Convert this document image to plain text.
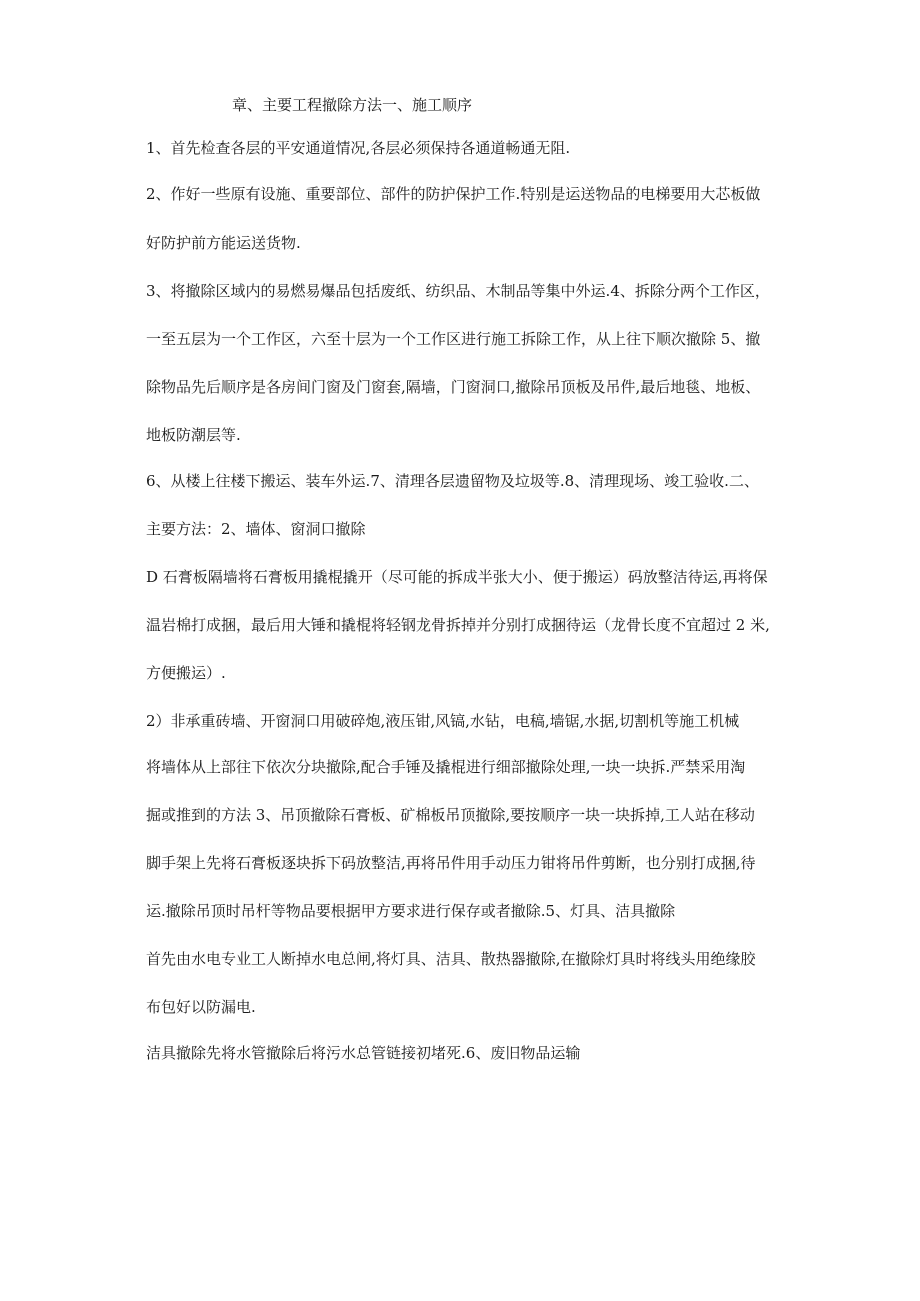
章、主要工程撤除方法一、施工顺序
1、首先检查各层的平安通道情况,各层必须保持各通道畅通无阻.
2、作好一些原有设施、重要部位、部件的防护保护工作.特别是运送物品的电梯要用大芯板做
好防护前方能运送货物.
3、将撤除区域内的易燃易爆品包括废纸、纺织品、木制品等集中外运.4、拆除分两个工作区，
一至五层为一个工作区，六至十层为一个工作区进行施工拆除工作，从上往下顺次撤除 5、撤
除物品先后顺序是各房间门窗及门窗套,隔墙，门窗洞口,撤除吊顶板及吊件,最后地毯、地板、
地板防潮层等.
6、从楼上往楼下搬运、装车外运.7、清理各层遗留物及垃圾等.8、清理现场、竣工验收.二、
主要方法：2、墙体、窗洞口撤除
D 石膏板隔墙将石膏板用撬棍撬开（尽可能的拆成半张大小、便于搬运）码放整洁待运,再将保
温岩棉打成捆，最后用大锤和撬棍将轻钢龙骨拆掉并分别打成捆待运（龙骨长度不宜超过 2 米,
方便搬运）.
2）非承重砖墙、开窗洞口用破碎炮,液压钳,风镐,水钻，电稿,墙锯,水据,切割机等施工机械
将墙体从上部往下依次分块撤除,配合手锤及撬棍进行细部撤除处理,一块一块拆.严禁采用淘
掘或推到的方法 3、吊顶撤除石膏板、矿棉板吊顶撤除,要按顺序一块一块拆掉,工人站在移动
脚手架上先将石膏板逐块拆下码放整洁,再将吊件用手动压力钳将吊件剪断，也分别打成捆,待
运.撤除吊顶时吊杆等物品要根据甲方要求进行保存或者撤除.5、灯具、洁具撤除
首先由水电专业工人断掉水电总闸,将灯具、洁具、散热器撤除,在撤除灯具时将线头用绝缘胶
布包好以防漏电.
洁具撤除先将水管撤除后将污水总管链接初堵死.6、废旧物品运输
